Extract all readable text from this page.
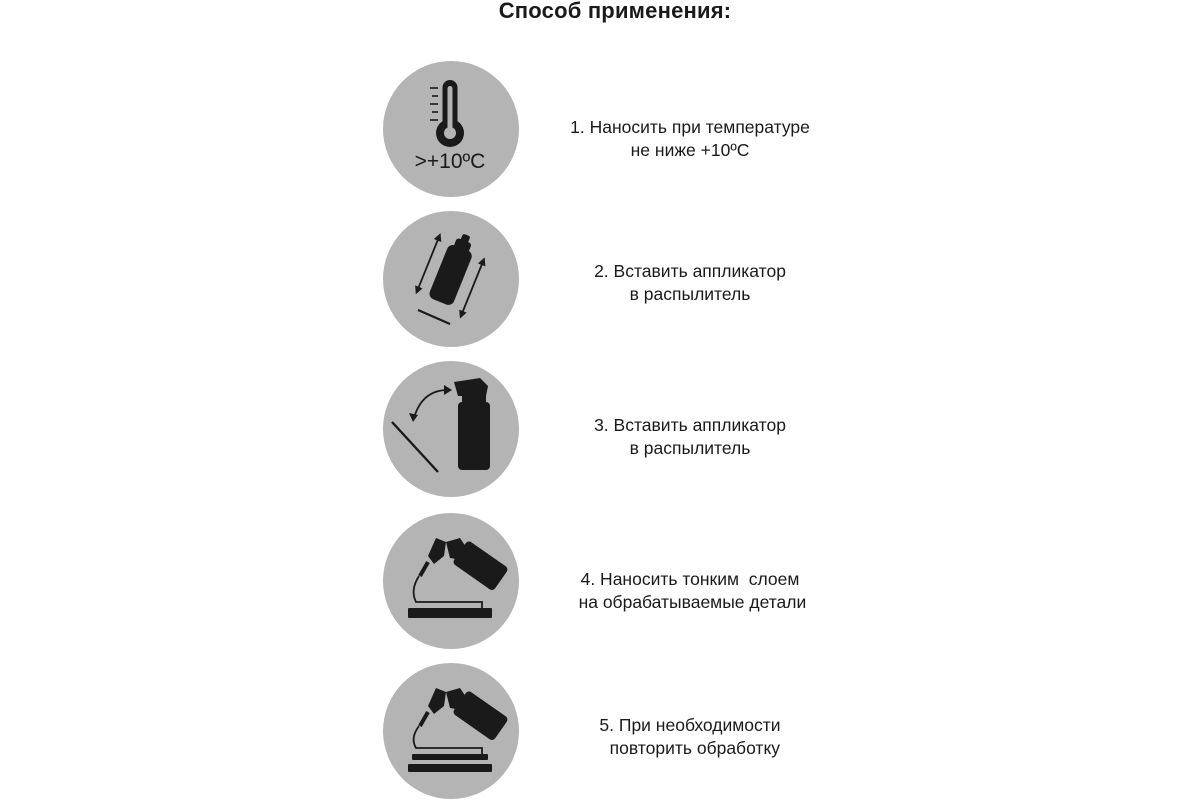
Способ применения:
>+10ºC
1. Наносить при температуре
не ниже +10ºC
2. Вставить аппликатор
в распылитель
3. Вставить аппликатор
в распылитель
4. Наносить тонким  слоем
на обрабатываемые детали
5. При необходимости
повторить обработку
